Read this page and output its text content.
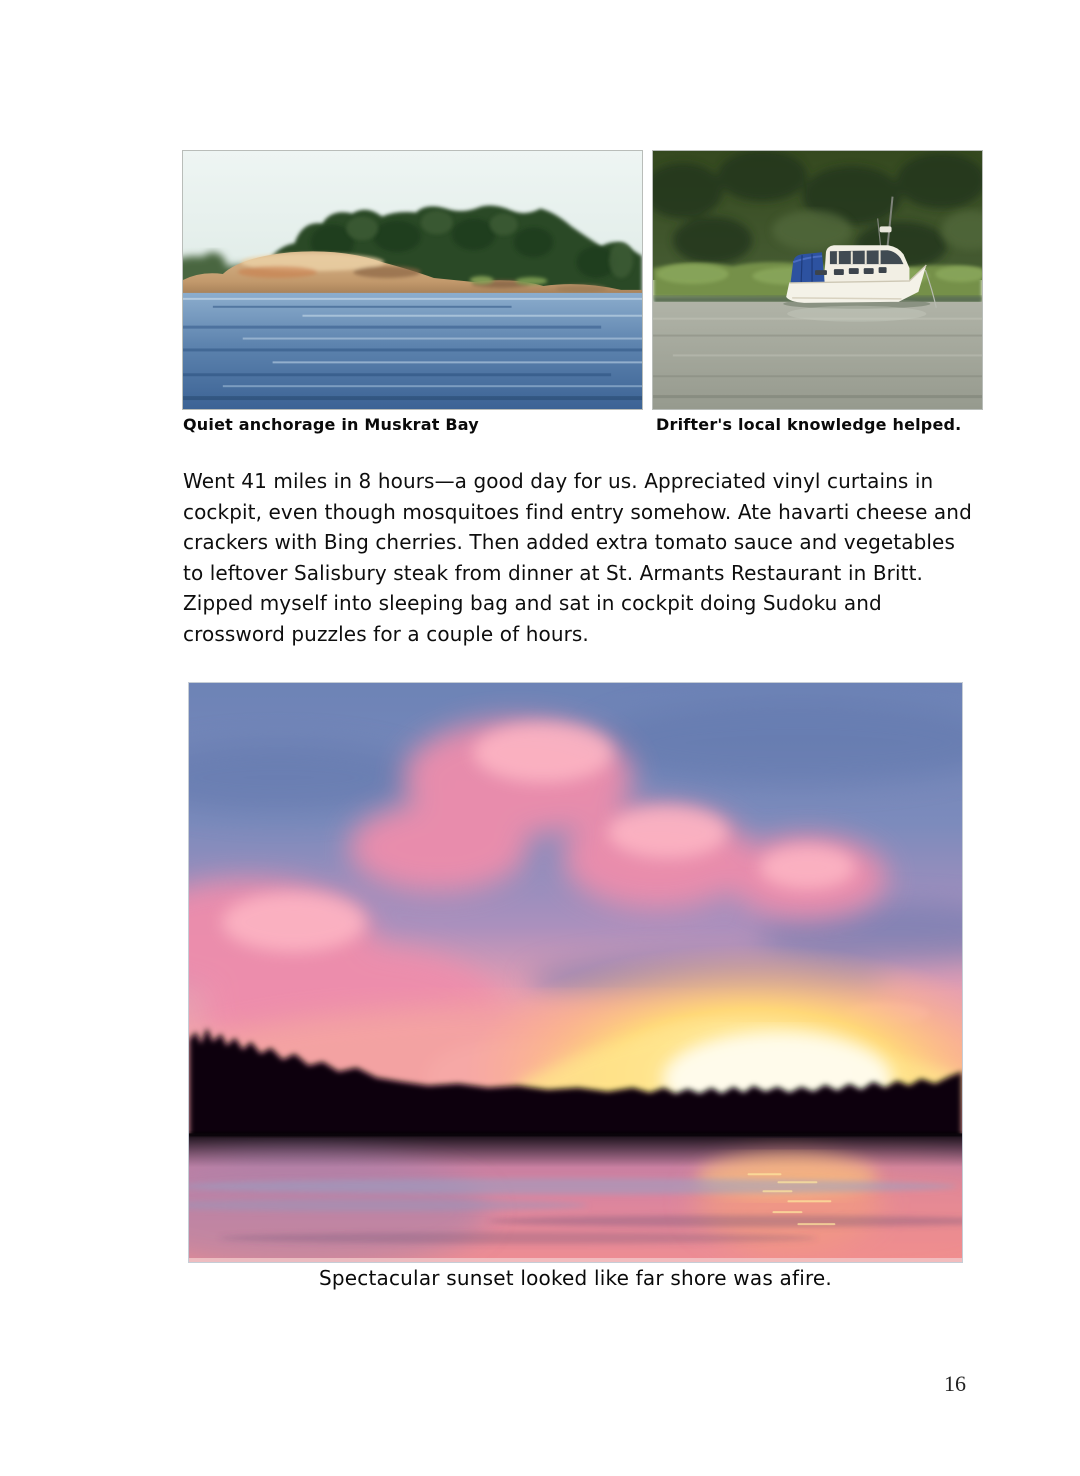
Quiet anchorage in Muskrat Bay	Drifter's local knowledge helped.

Went 41 miles in 8 hours—a good day for us. Appreciated vinyl curtains in cockpit, even though mosquitoes find entry somehow. Ate havarti cheese and crackers with Bing cherries. Then added extra tomato sauce and vegetables to leftover Salisbury steak from dinner at St. Armants Restaurant in Britt. Zipped myself into sleeping bag and sat in cockpit doing Sudoku and crossword puzzles for a couple of hours.

Spectacular sunset looked like far shore was afire.
16
